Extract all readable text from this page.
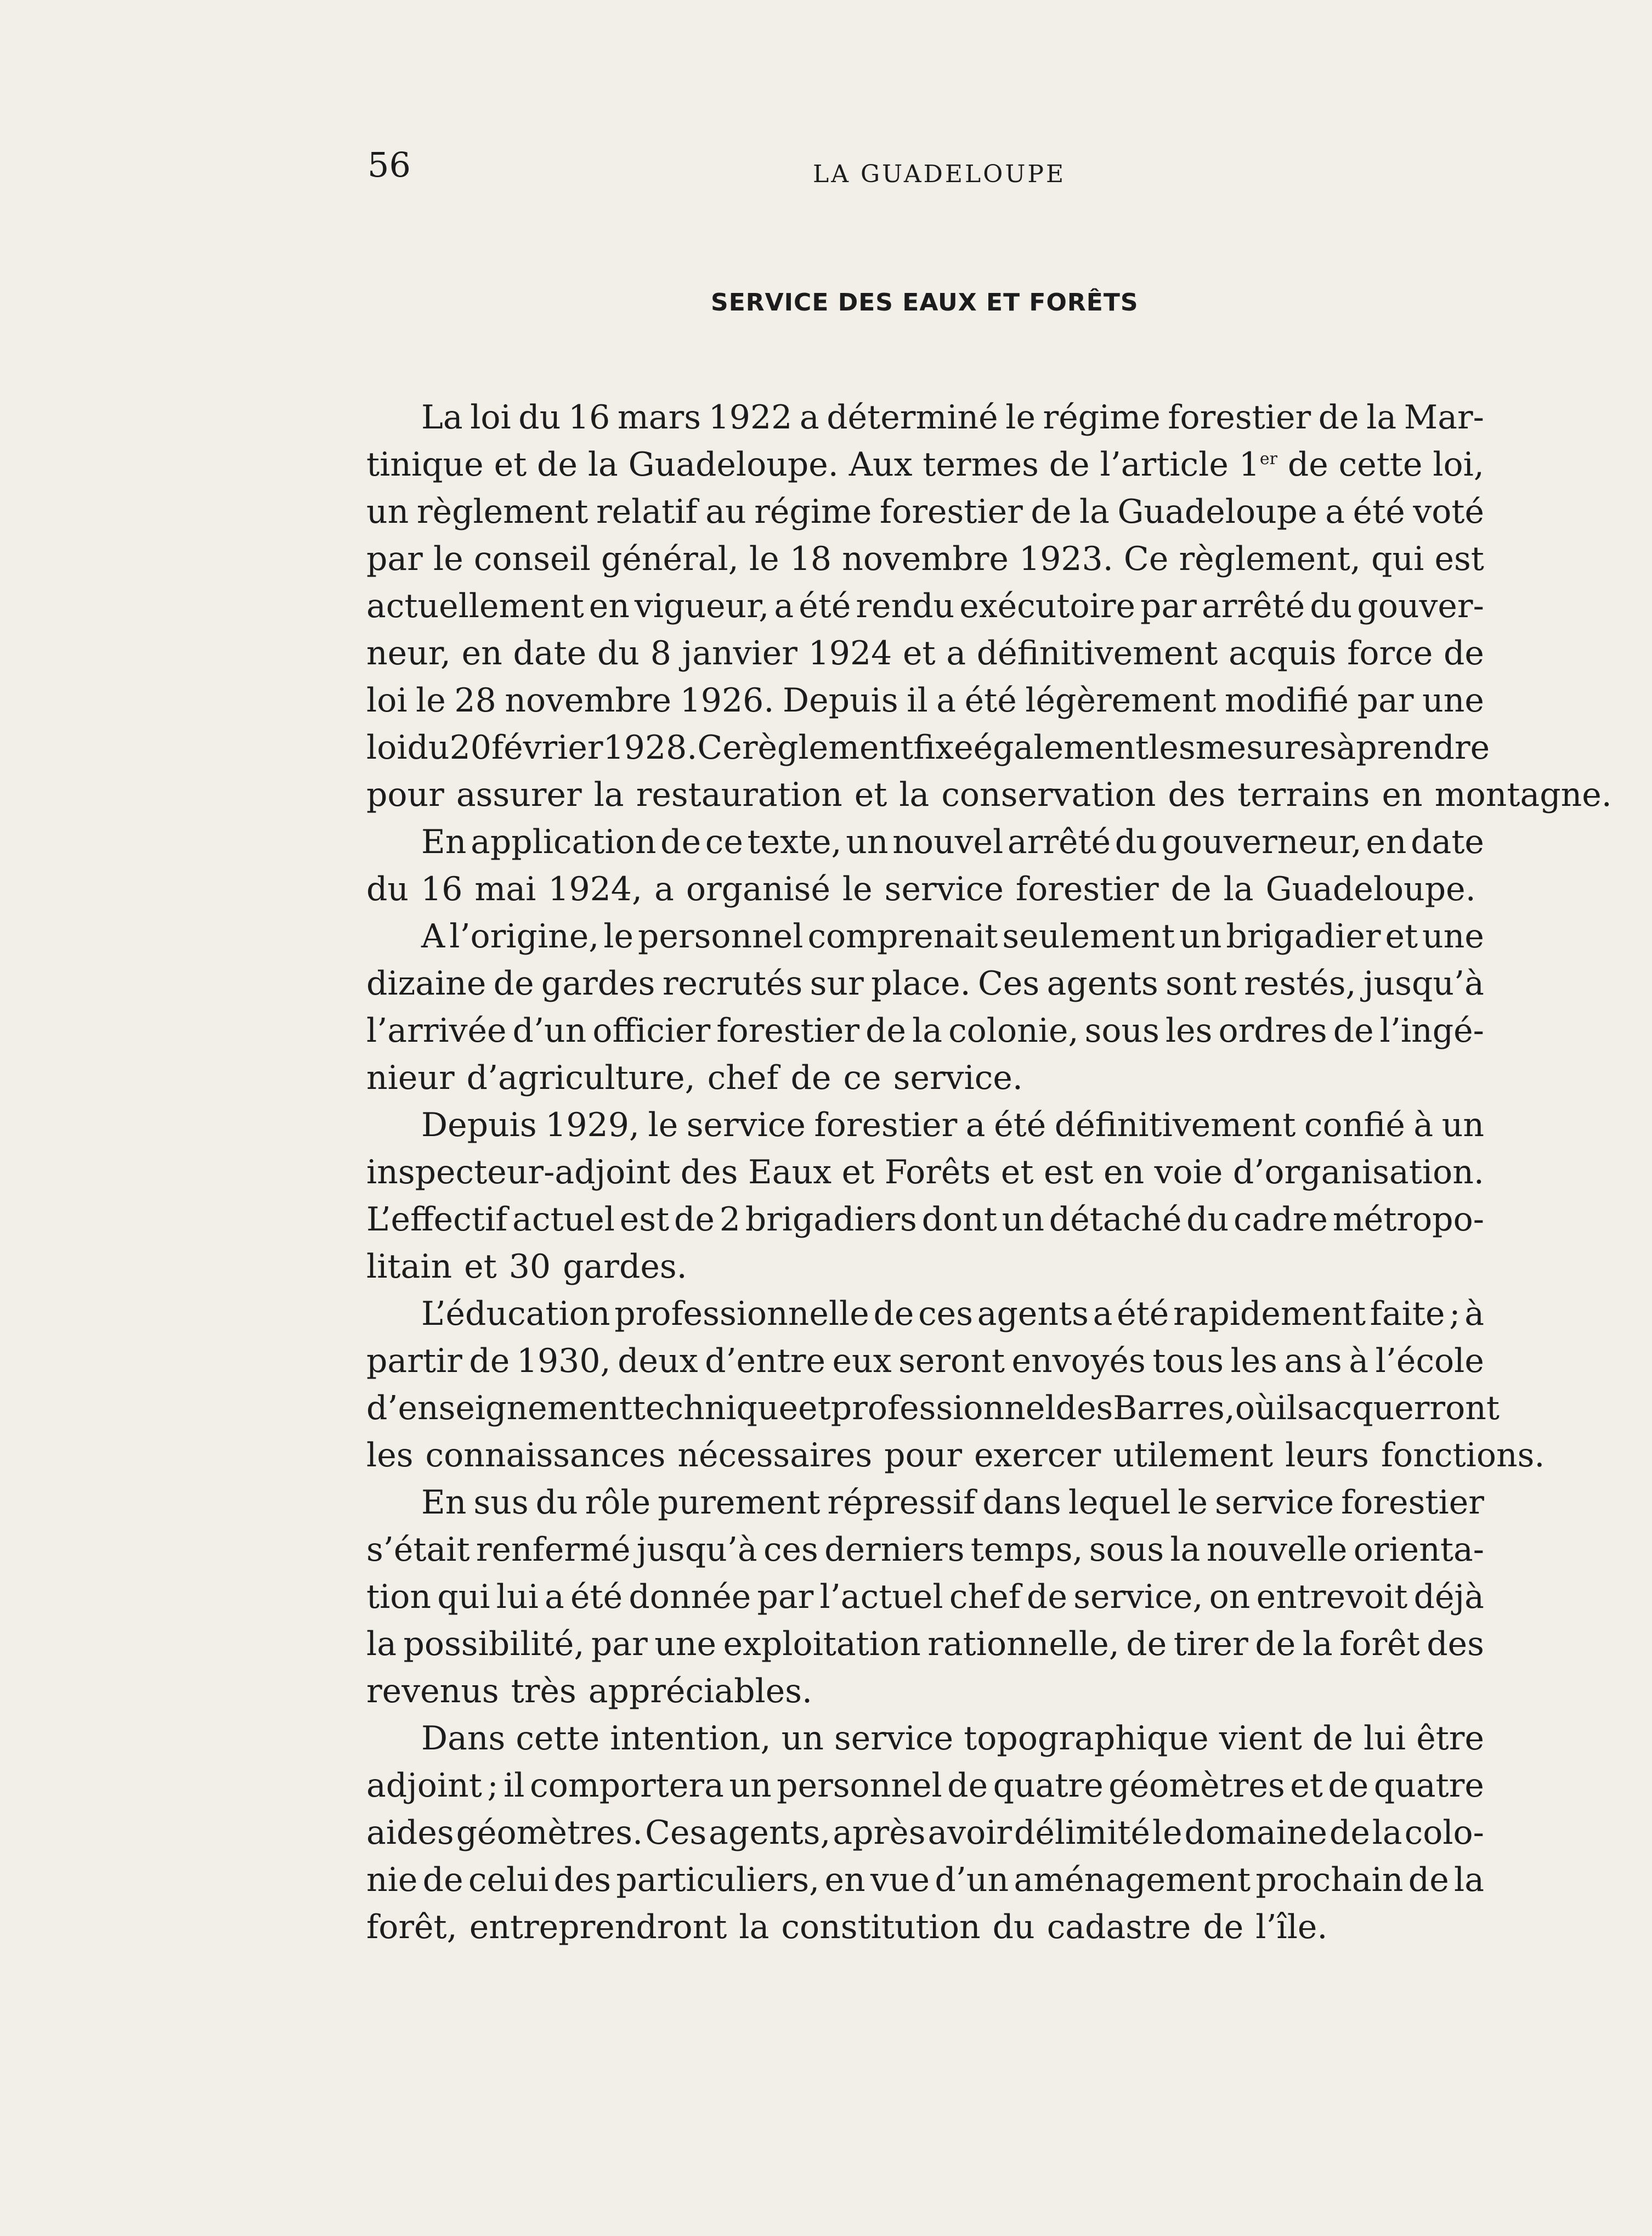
56	LA GUADELOUPE
SERVICE DES EAUX ET FORÊTS
La loi du 16 mars 1922 a déterminé le régime forestier de la Mar-
tinique et de la Guadeloupe. Aux termes de l’article 1er de cette loi,
un règlement relatif au régime forestier de la Guadeloupe a été voté
par le conseil général, le 18 novembre 1923. Ce règlement, qui est
actuellement en vigueur, a été rendu exécutoire par arrêté du gouver-
neur, en date du 8 janvier 1924 et a définitivement acquis force de
loi le 28 novembre 1926. Depuis il a été légèrement modifié par une
loi du 20 février 1928. Ce règlement fixe également les mesures à prendre
pour assurer la restauration et la conservation des terrains en montagne.
En application de ce texte, un nouvel arrêté du gouverneur, en date
du 16 mai 1924, a organisé le service forestier de la Guadeloupe.
A l’origine, le personnel comprenait seulement un brigadier et une
dizaine de gardes recrutés sur place. Ces agents sont restés, jusqu’à
l’arrivée d’un officier forestier de la colonie, sous les ordres de l’ingé-
nieur d’agriculture, chef de ce service.
Depuis 1929, le service forestier a été définitivement confié à un
inspecteur-adjoint des Eaux et Forêts et est en voie d’organisation.
L’effectif actuel est de 2 brigadiers dont un détaché du cadre métropo-
litain et 30 gardes.
L’éducation professionnelle de ces agents a été rapidement faite ; à
partir de 1930, deux d’entre eux seront envoyés tous les ans à l’école
d’enseignement technique et professionnel des Barres, où ils acquerront
les connaissances nécessaires pour exercer utilement leurs fonctions.
En sus du rôle purement répressif dans lequel le service forestier
s’était renfermé jusqu’à ces derniers temps, sous la nouvelle orienta-
tion qui lui a été donnée par l’actuel chef de service, on entrevoit déjà
la possibilité, par une exploitation rationnelle, de tirer de la forêt des
revenus très appréciables.
Dans cette intention, un service topographique vient de lui être
adjoint ; il comportera un personnel de quatre géomètres et de quatre
aides géomètres. Ces agents, après avoir délimité le domaine de la colo-
nie de celui des particuliers, en vue d’un aménagement prochain de la
forêt, entreprendront la constitution du cadastre de l’île.
